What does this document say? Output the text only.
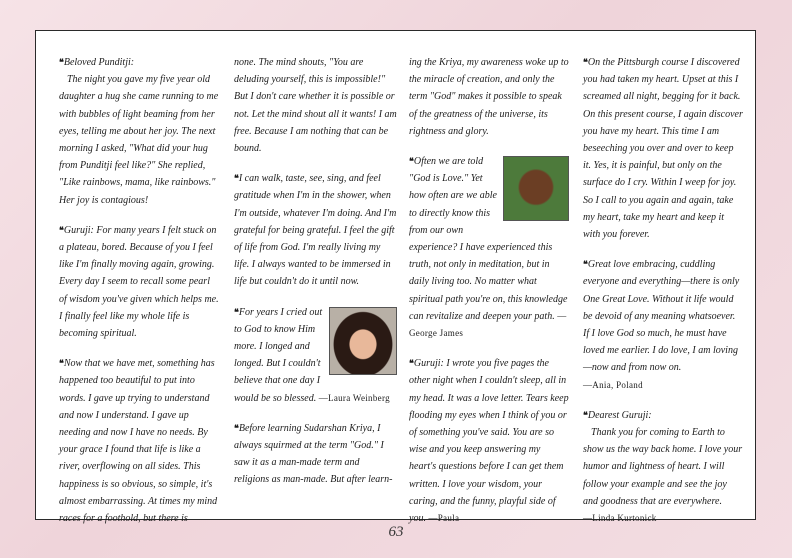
❝Beloved Punditji:
The night you gave my five year old daughter a hug she came running to me with bubbles of light beaming from her eyes, telling me about her joy. The next morning I asked, "What did your hug from Punditji feel like?" She replied, "Like rainbows, mama, like rainbows." Her joy is contagious!

❝Guruji: For many years I felt stuck on a plateau, bored. Because of you I feel like I'm finally moving again, growing. Every day I seem to recall some pearl of wisdom you've given which helps me. I finally feel like my whole life is becoming spiritual.

❝Now that we have met, something has happened too beautiful to put into words. I gave up trying to understand and now I understand. I gave up needing and now I have no needs. By your grace I found that life is like a river, overflowing on all sides. This happiness is so obvious, so simple, it's almost embarrassing. At times my mind races for a foothold, but there is

none. The mind shouts, "You are deluding yourself, this is impossible!" But I don't care whether it is possible or not. Let the mind shout all it wants! I am free. Because I am nothing that can be bound.

❝I can walk, taste, see, sing, and feel gratitude when I'm in the shower, when I'm outside, whatever I'm doing. And I'm grateful for being grateful. I feel the gift of life from God. I'm really living my life. I always wanted to be immersed in life but couldn't do it until now.

❝For years I cried out to God to know Him more. I longed and longed. But I couldn't believe that one day I would be so blessed. —Laura Weinberg

❝Before learning Sudarshan Kriya, I always squirmed at the term "God." I saw it as a man-made term and religions as man-made. But after learn-

ing the Kriya, my awareness woke up to the miracle of creation, and only the term "God" makes it possible to speak of the greatness of the universe, its rightness and glory.

❝Often we are told "God is Love." Yet how often are we able to directly know this from our own experience? I have experienced this truth, not only in meditation, but in daily living too. No matter what spiritual path you're on, this knowledge can revitalize and deepen your path. —George James

❝Guruji: I wrote you five pages the other night when I couldn't sleep, all in my head. It was a love letter. Tears keep flooding my eyes when I think of you or of something you've said. You are so wise and you keep answering my heart's questions before I can get them written. I love your wisdom, your caring, and the funny, playful side of you. —Paula

❝On the Pittsburgh course I discovered you had taken my heart. Upset at this I screamed all night, begging for it back. On this present course, I again discover you have my heart. This time I am beseeching you over and over to keep it. Yes, it is painful, but only on the surface do I cry. Within I weep for joy. So I call to you again and again, take my heart, take my heart and keep it with you forever.

❝Great love embracing, cuddling everyone and everything—there is only One Great Love. Without it life would be devoid of any meaning whatsoever. If I love God so much, he must have loved me earlier. I do love, I am loving—now and from now on.
—Ania, Poland

❝Dearest Guruji:
Thank you for coming to Earth to show us the way back home. I love your humor and lightness of heart. I will follow your example and see the joy and goodness that are everywhere.
—Linda Kurtonick

63
